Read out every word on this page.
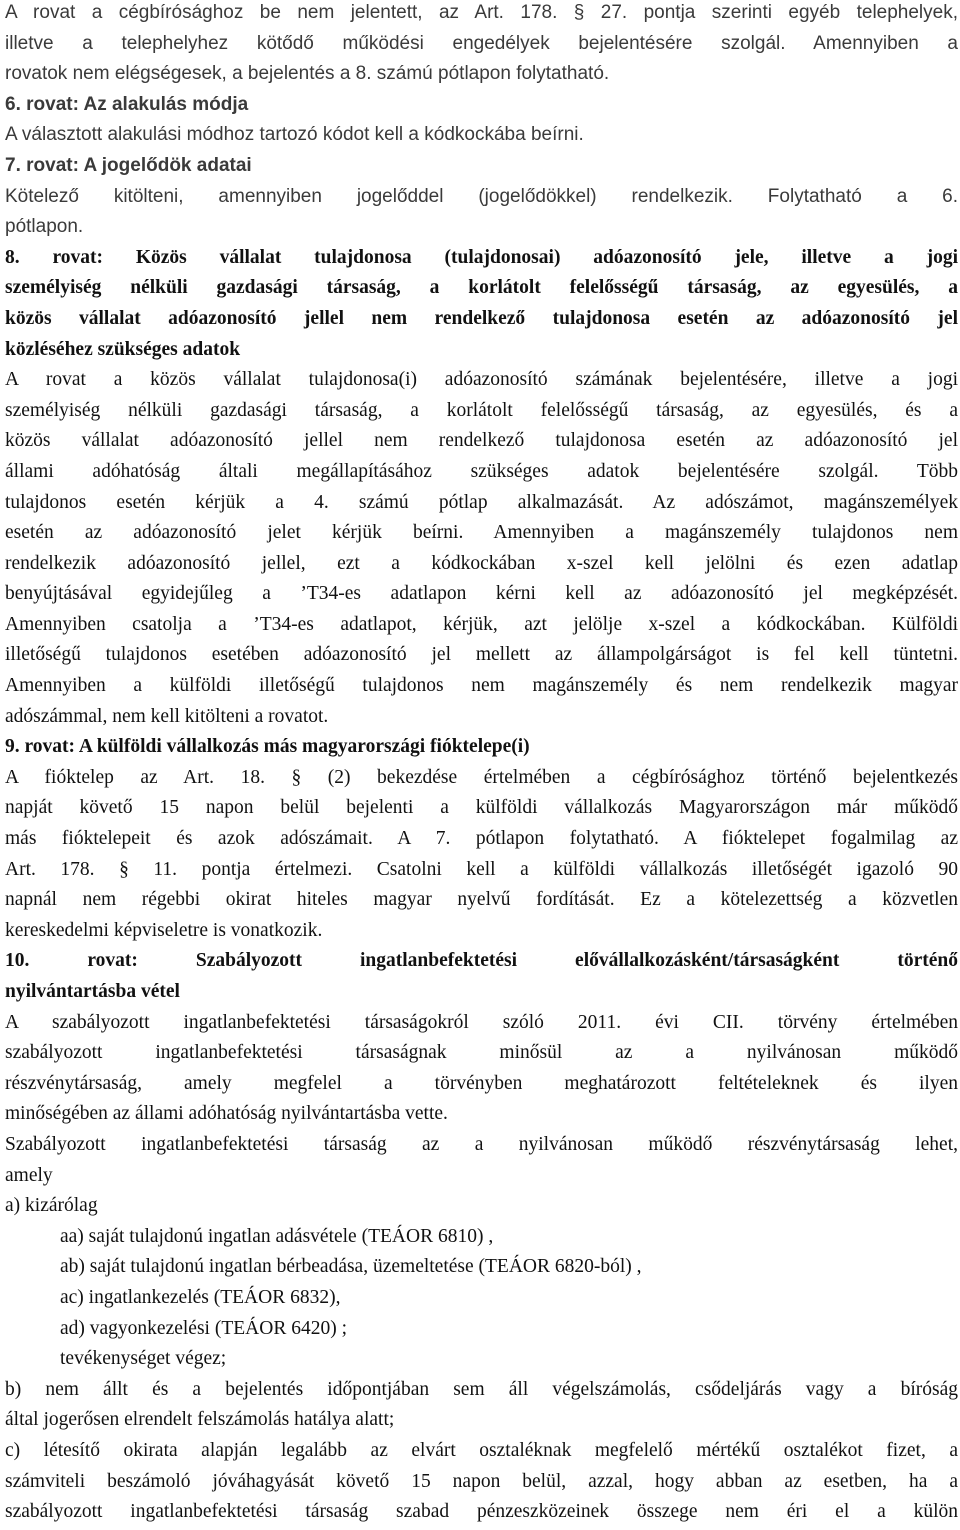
A rovat a cégbírósághoz be nem jelentett, az Art. 178. § 27. pontja szerinti egyéb telephelyek,
illetve a telephelyhez kötődő működési engedélyek bejelentésére szolgál. Amennyiben a
rovatok nem elégségesek, a bejelentés a 8. számú pótlapon folytatható.
6. rovat: Az alakulás módja
A választott alakulási módhoz tartozó kódot kell a kódkockába beírni.
7. rovat: A jogelődök adatai
Kötelező kitölteni, amennyiben jogelőddel (jogelődökkel) rendelkezik. Folytatható a 6.
pótlapon.
8. rovat: Közös vállalat tulajdonosa (tulajdonosai) adóazonosító jele, illetve a jogi
személyiség nélküli gazdasági társaság, a korlátolt felelősségű társaság, az egyesülés, a
közös vállalat adóazonosító jellel nem rendelkező tulajdonosa esetén az adóazonosító jel
közléséhez szükséges adatok
A rovat a közös vállalat tulajdonosa(i) adóazonosító számának bejelentésére, illetve a jogi
személyiség nélküli gazdasági társaság, a korlátolt felelősségű társaság, az egyesülés, és a
közös vállalat adóazonosító jellel nem rendelkező tulajdonosa esetén az adóazonosító jel
állami adóhatóság általi megállapításához szükséges adatok bejelentésére szolgál. Több
tulajdonos esetén kérjük a 4. számú pótlap alkalmazását. Az adószámot, magánszemélyek
esetén az adóazonosító jelet kérjük beírni. Amennyiben a magánszemély tulajdonos nem
rendelkezik adóazonosító jellel, ezt a kódkockában x-szel kell jelölni és ezen adatlap
benyújtásával egyidejűleg a ’T34-es adatlapon kérni kell az adóazonosító jel megképzését.
Amennyiben csatolja a ’T34-es adatlapot, kérjük, azt jelölje x-szel a kódkockában. Külföldi
illetőségű tulajdonos esetében adóazonosító jel mellett az állampolgárságot is fel kell tüntetni.
Amennyiben a külföldi illetőségű tulajdonos nem magánszemély és nem rendelkezik magyar
adószámmal, nem kell kitölteni a rovatot.
9. rovat: A külföldi vállalkozás más magyarországi fióktelepe(i)
A fióktelep az Art. 18. § (2) bekezdése értelmében a cégbírósághoz történő bejelentkezés
napját követő 15 napon belül bejelenti a külföldi vállalkozás Magyarországon már működő
más fióktelepeit és azok adószámait. A 7. pótlapon folytatható. A fióktelepet fogalmilag az
Art. 178. § 11. pontja értelmezi. Csatolni kell a külföldi vállalkozás illetőségét igazoló 90
napnál nem régebbi okirat hiteles magyar nyelvű fordítását. Ez a kötelezettség a közvetlen
kereskedelmi képviseletre is vonatkozik.
10. rovat: Szabályozott ingatlanbefektetési elővállalkozásként/társaságként történő
nyilvántartásba vétel
A szabályozott ingatlanbefektetési társaságokról szóló 2011. évi CII. törvény értelmében
szabályozott ingatlanbefektetési társaságnak minősül az a nyilvánosan működő
részvénytársaság, amely megfelel a törvényben meghatározott feltételeknek és ilyen
minőségében az állami adóhatóság nyilvántartásba vette.
Szabályozott ingatlanbefektetési társaság az a nyilvánosan működő részvénytársaság lehet,
amely
a) kizárólag
aa) saját tulajdonú ingatlan adásvétele (TEÁOR 6810) ,
ab) saját tulajdonú ingatlan bérbeadása, üzemeltetése (TEÁOR 6820-ból) ,
ac) ingatlankezelés (TEÁOR 6832),
ad) vagyonkezelési (TEÁOR 6420) ;
tevékenységet végez;
b) nem állt és a bejelentés időpontjában sem áll végelszámolás, csődeljárás vagy a bíróság
által jogerősen elrendelt felszámolás hatálya alatt;
c) létesítő okirata alapján legalább az elvárt osztaléknak megfelelő mértékű osztalékot fizet, a
számviteli beszámoló jóváhagyását követő 15 napon belül, azzal, hogy abban az esetben, ha a
szabályozott ingatlanbefektetési társaság szabad pénzeszközeinek összege nem éri el a külön
